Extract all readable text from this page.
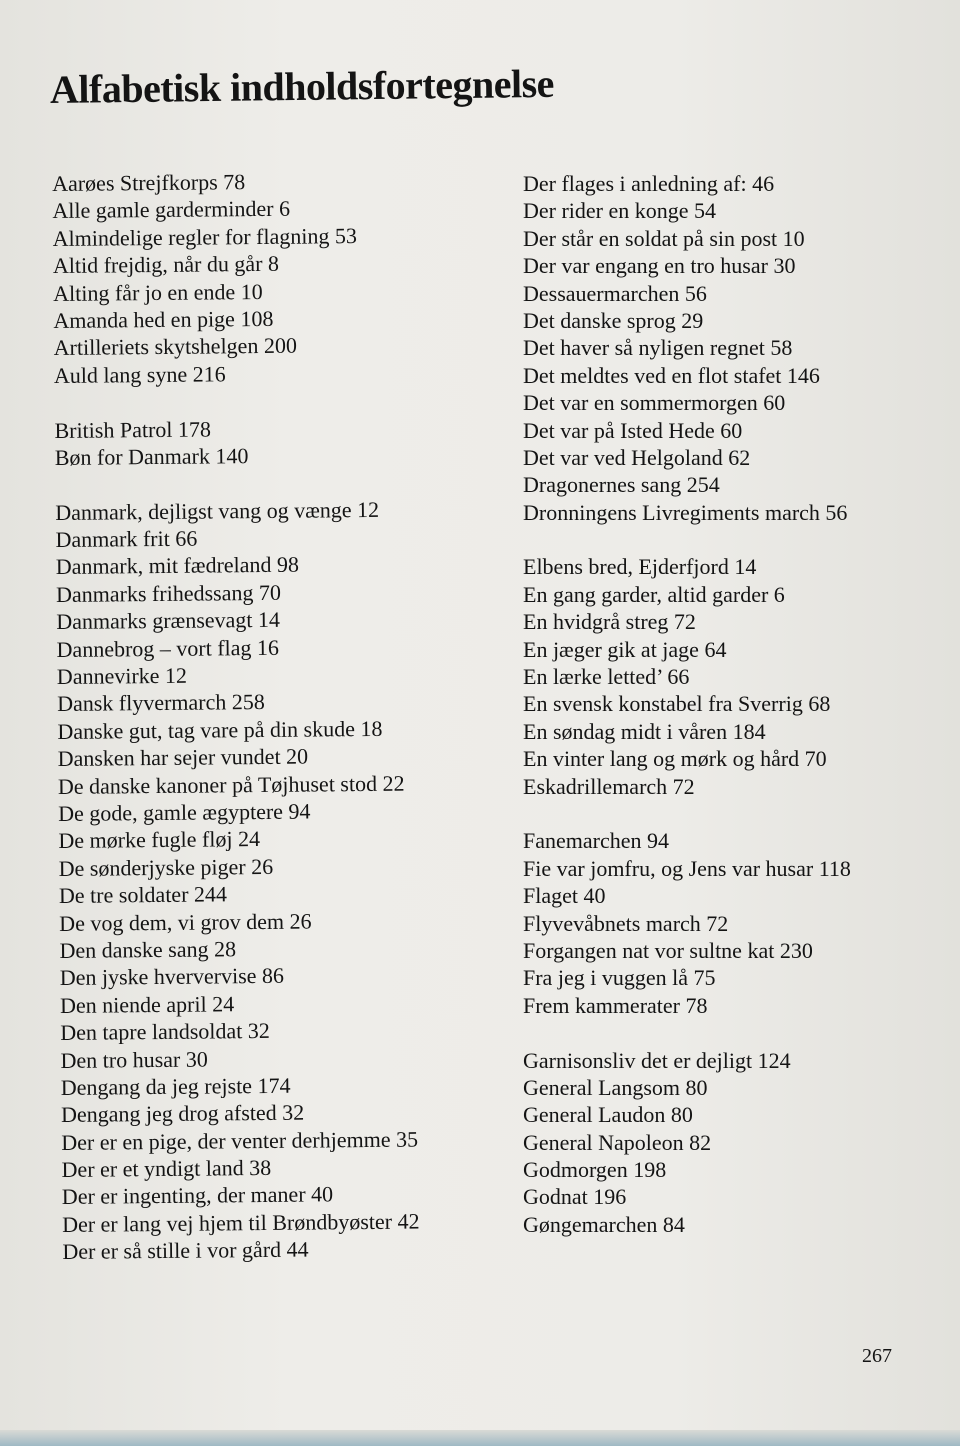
Alfabetisk indholdsfortegnelse
Aarøes Strejfkorps 78
Alle gamle garderminder 6
Almindelige regler for flagning 53
Altid frejdig, når du går 8
Alting får jo en ende 10
Amanda hed en pige 108
Artilleriets skytshelgen 200
Auld lang syne 216
British Patrol 178
Bøn for Danmark 140
Danmark, dejligst vang og vænge 12
Danmark frit 66
Danmark, mit fædreland 98
Danmarks frihedssang 70
Danmarks grænsevagt 14
Dannebrog – vort flag 16
Dannevirke 12
Dansk flyvermarch 258
Danske gut, tag vare på din skude 18
Dansken har sejer vundet 20
De danske kanoner på Tøjhuset stod 22
De gode, gamle ægyptere 94
De mørke fugle fløj 24
De sønderjyske piger 26
De tre soldater 244
De vog dem, vi grov dem 26
Den danske sang 28
Den jyske hververvise 86
Den niende april 24
Den tapre landsoldat 32
Den tro husar 30
Dengang da jeg rejste 174
Dengang jeg drog afsted 32
Der er en pige, der venter derhjemme 35
Der er et yndigt land 38
Der er ingenting, der maner 40
Der er lang vej hjem til Brøndbyøster 42
Der er så stille i vor gård 44
Der flages i anledning af: 46
Der rider en konge 54
Der står en soldat på sin post 10
Der var engang en tro husar 30
Dessauermarchen 56
Det danske sprog 29
Det haver så nyligen regnet 58
Det meldtes ved en flot stafet 146
Det var en sommermorgen 60
Det var på Isted Hede 60
Det var ved Helgoland 62
Dragonernes sang 254
Dronningens Livregiments march 56
Elbens bred, Ejderfjord 14
En gang garder, altid garder 6
En hvidgrå streg 72
En jæger gik at jage 64
En lærke letted’ 66
En svensk konstabel fra Sverrig 68
En søndag midt i våren 184
En vinter lang og mørk og hård 70
Eskadrillemarch 72
Fanemarchen 94
Fie var jomfru, og Jens var husar 118
Flaget 40
Flyvevåbnets march 72
Forgangen nat vor sultne kat 230
Fra jeg i vuggen lå 75
Frem kammerater 78
Garnisonsliv det er dejligt 124
General Langsom 80
General Laudon 80
General Napoleon 82
Godmorgen 198
Godnat 196
Gøngemarchen 84
267
